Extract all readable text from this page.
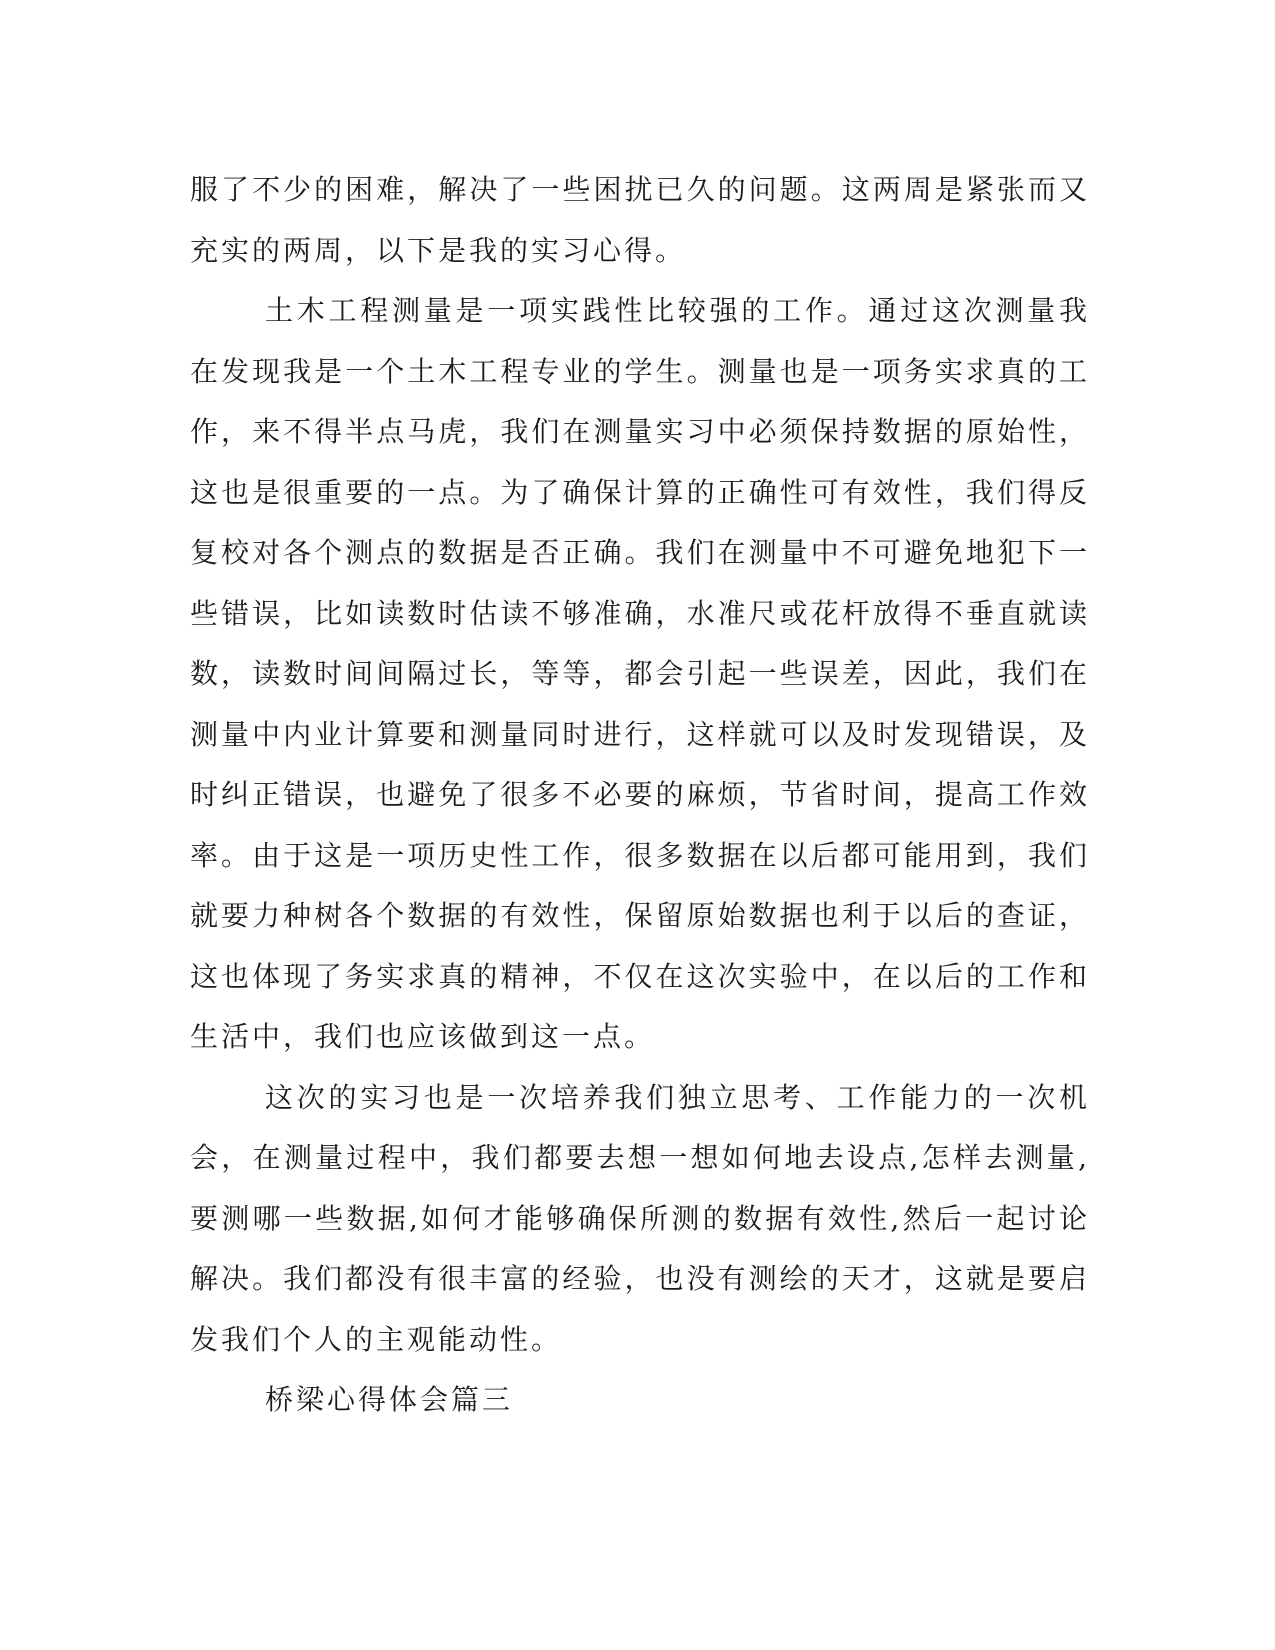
服了不少的困难，解决了一些困扰已久的问题。这两周是紧张而又充实的两周，以下是我的实习心得。

土木工程测量是一项实践性比较强的工作。通过这次测量我在发现我是一个土木工程专业的学生。测量也是一项务实求真的工作，来不得半点马虎，我们在测量实习中必须保持数据的原始性，这也是很重要的一点。为了确保计算的正确性可有效性，我们得反复校对各个测点的数据是否正确。我们在测量中不可避免地犯下一些错误，比如读数时估读不够准确，水准尺或花杆放得不垂直就读数，读数时间间隔过长，等等，都会引起一些误差，因此，我们在测量中内业计算要和测量同时进行，这样就可以及时发现错误，及时纠正错误，也避免了很多不必要的麻烦，节省时间，提高工作效率。由于这是一项历史性工作，很多数据在以后都可能用到，我们就要力种树各个数据的有效性，保留原始数据也利于以后的查证，这也体现了务实求真的精神，不仅在这次实验中，在以后的工作和生活中，我们也应该做到这一点。

这次的实习也是一次培养我们独立思考、工作能力的一次机会，在测量过程中，我们都要去想一想如何地去设点,怎样去测量,要测哪一些数据,如何才能够确保所测的数据有效性,然后一起讨论解决。我们都没有很丰富的经验，也没有测绘的天才，这就是要启发我们个人的主观能动性。

桥梁心得体会篇三
